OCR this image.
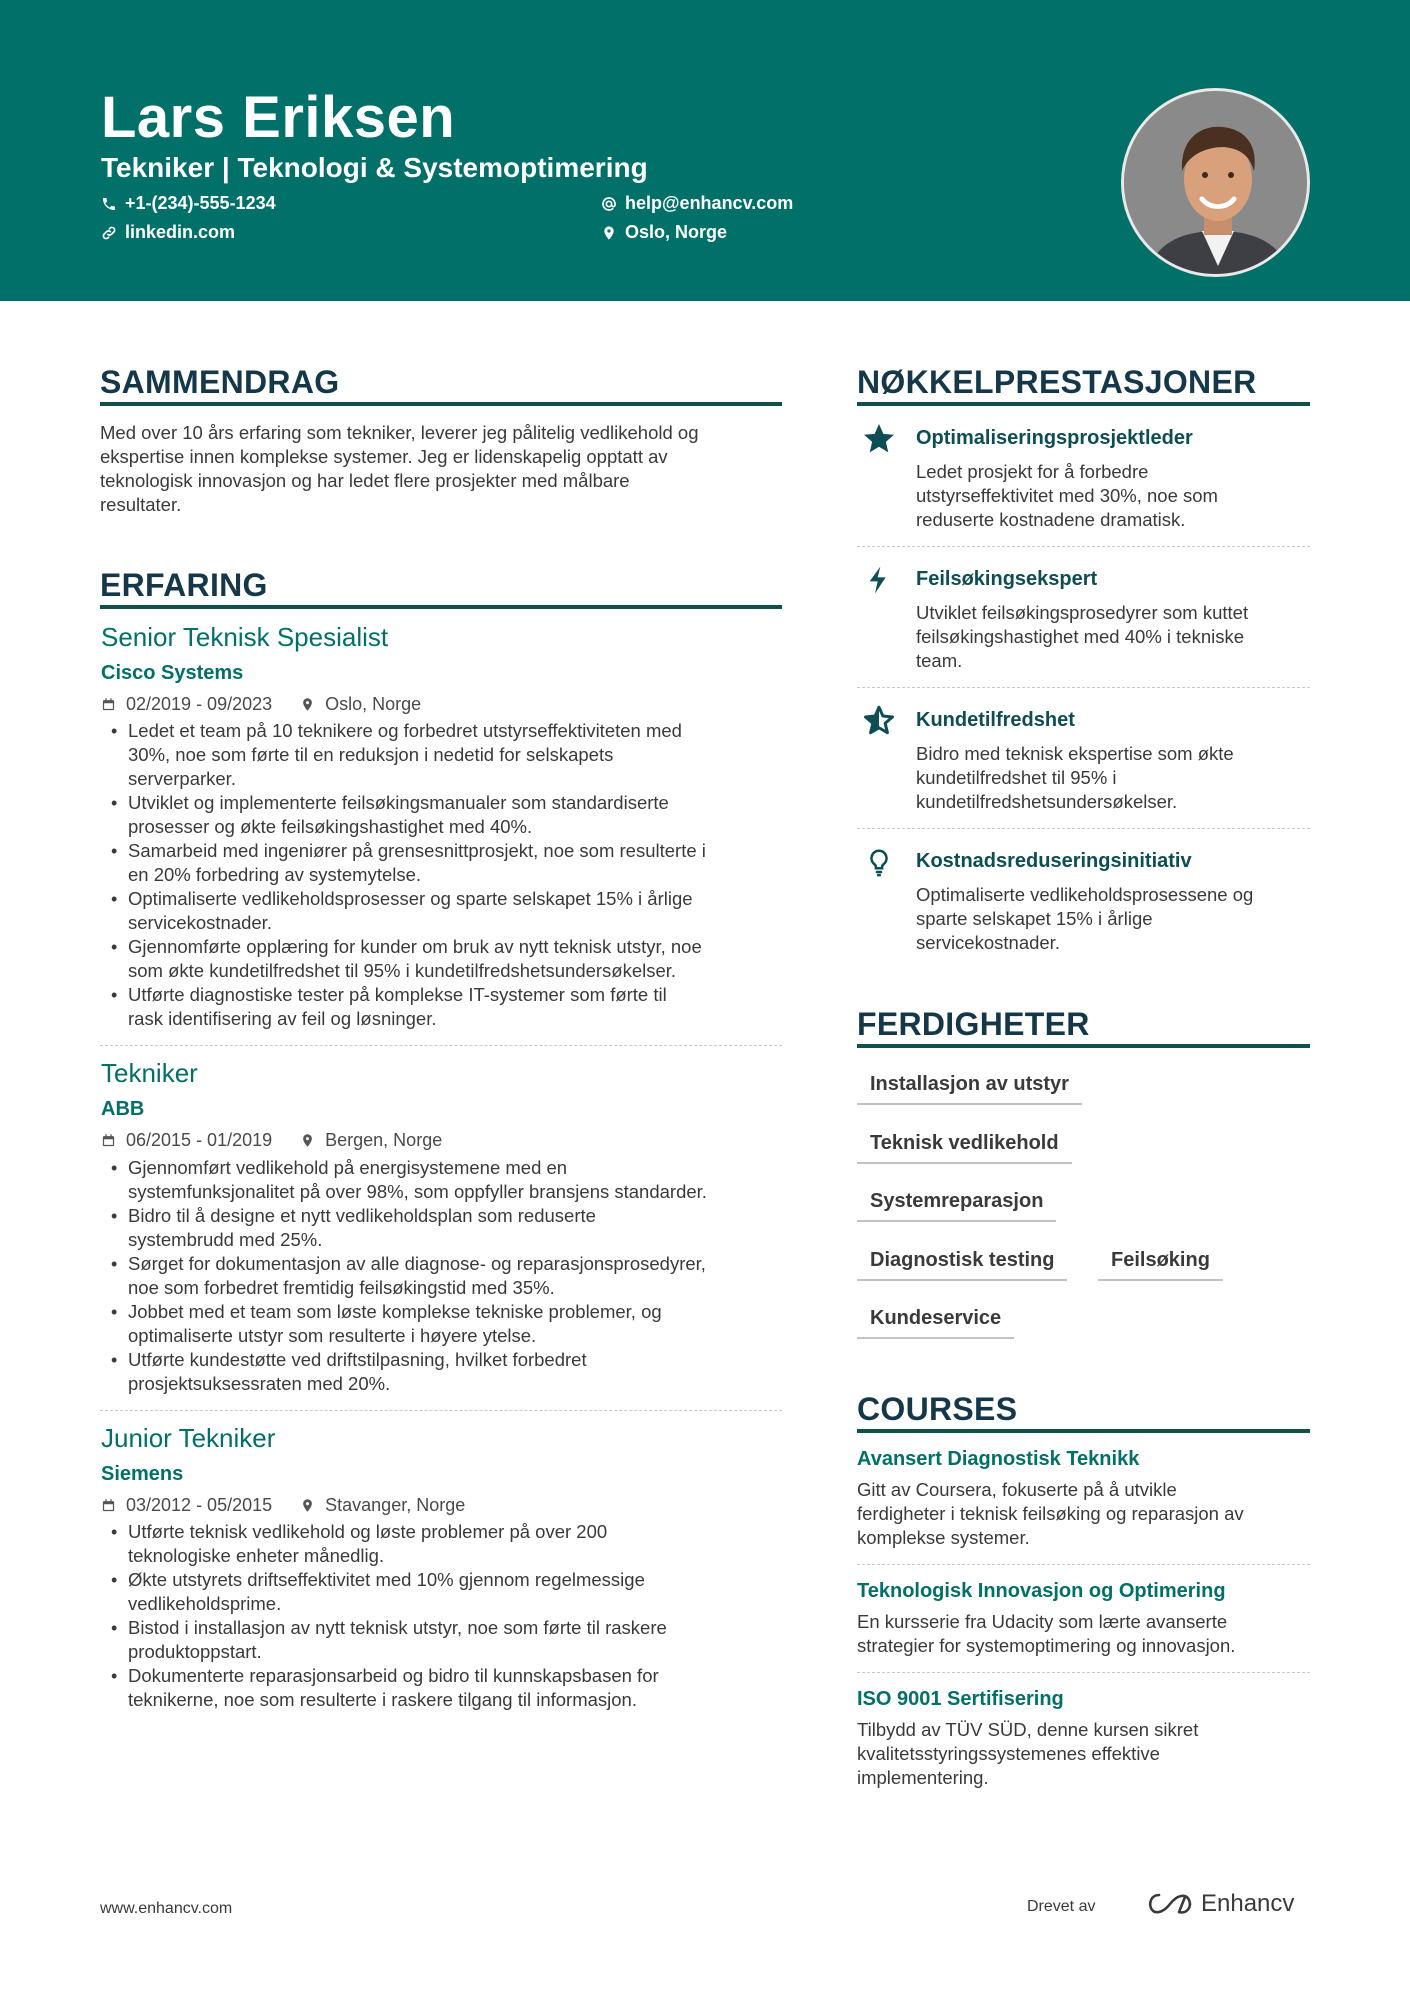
Lars Eriksen
Tekniker | Teknologi & Systemoptimering
+1-(234)-555-1234	help@enhancv.com
linkedin.com	Oslo, Norge
SAMMENDRAG
Med over 10 års erfaring som tekniker, leverer jeg pålitelig vedlikehold og
ekspertise innen komplekse systemer. Jeg er lidenskapelig opptatt av
teknologisk innovasjon og har ledet flere prosjekter med målbare
resultater.
ERFARING
Senior Teknisk Spesialist
Cisco Systems
02/2019 - 09/2023	Oslo, Norge
• Ledet et team på 10 teknikere og forbedret utstyrseffektiviteten med
30%, noe som førte til en reduksjon i nedetid for selskapets
serverparker.
• Utviklet og implementerte feilsøkingsmanualer som standardiserte
prosesser og økte feilsøkingshastighet med 40%.
• Samarbeid med ingeniører på grensesnittprosjekt, noe som resulterte i
en 20% forbedring av systemytelse.
• Optimaliserte vedlikeholdsprosesser og sparte selskapet 15% i årlige
servicekostnader.
• Gjennomførte opplæring for kunder om bruk av nytt teknisk utstyr, noe
som økte kundetilfredshet til 95% i kundetilfredshetsundersøkelser.
• Utførte diagnostiske tester på komplekse IT-systemer som førte til
rask identifisering av feil og løsninger.
Tekniker
ABB
06/2015 - 01/2019	Bergen, Norge
• Gjennomført vedlikehold på energisystemene med en
systemfunksjonalitet på over 98%, som oppfyller bransjens standarder.
• Bidro til å designe et nytt vedlikeholdsplan som reduserte
systembrudd med 25%.
• Sørget for dokumentasjon av alle diagnose- og reparasjonsprosedyrer,
noe som forbedret fremtidig feilsøkingstid med 35%.
• Jobbet med et team som løste komplekse tekniske problemer, og
optimaliserte utstyr som resulterte i høyere ytelse.
• Utførte kundestøtte ved driftstilpasning, hvilket forbedret
prosjektsuksessraten med 20%.
Junior Tekniker
Siemens
03/2012 - 05/2015	Stavanger, Norge
• Utførte teknisk vedlikehold og løste problemer på over 200
teknologiske enheter månedlig.
• Økte utstyrets driftseffektivitet med 10% gjennom regelmessige
vedlikeholdsprime.
• Bistod i installasjon av nytt teknisk utstyr, noe som førte til raskere
produktoppstart.
• Dokumenterte reparasjonsarbeid og bidro til kunnskapsbasen for
teknikerne, noe som resulterte i raskere tilgang til informasjon.
NØKKELPRESTASJONER
Optimaliseringsprosjektleder
Ledet prosjekt for å forbedre
utstyrseffektivitet med 30%, noe som
reduserte kostnadene dramatisk.
Feilsøkingsekspert
Utviklet feilsøkingsprosedyrer som kuttet
feilsøkingshastighet med 40% i tekniske
team.
Kundetilfredshet
Bidro med teknisk ekspertise som økte
kundetilfredshet til 95% i
kundetilfredshetsundersøkelser.
Kostnadsreduseringsinitiativ
Optimaliserte vedlikeholdsprosessene og
sparte selskapet 15% i årlige
servicekostnader.
FERDIGHETER
Installasjon av utstyr
Teknisk vedlikehold
Systemreparasjon
Diagnostisk testing	Feilsøking
Kundeservice
COURSES
Avansert Diagnostisk Teknikk
Gitt av Coursera, fokuserte på å utvikle
ferdigheter i teknisk feilsøking og reparasjon av
komplekse systemer.
Teknologisk Innovasjon og Optimering
En kursserie fra Udacity som lærte avanserte
strategier for systemoptimering og innovasjon.
ISO 9001 Sertifisering
Tilbydd av TÜV SÜD, denne kursen sikret
kvalitetsstyringssystemenes effektive
implementering.
www.enhancv.com	Drevet av	Enhancv
